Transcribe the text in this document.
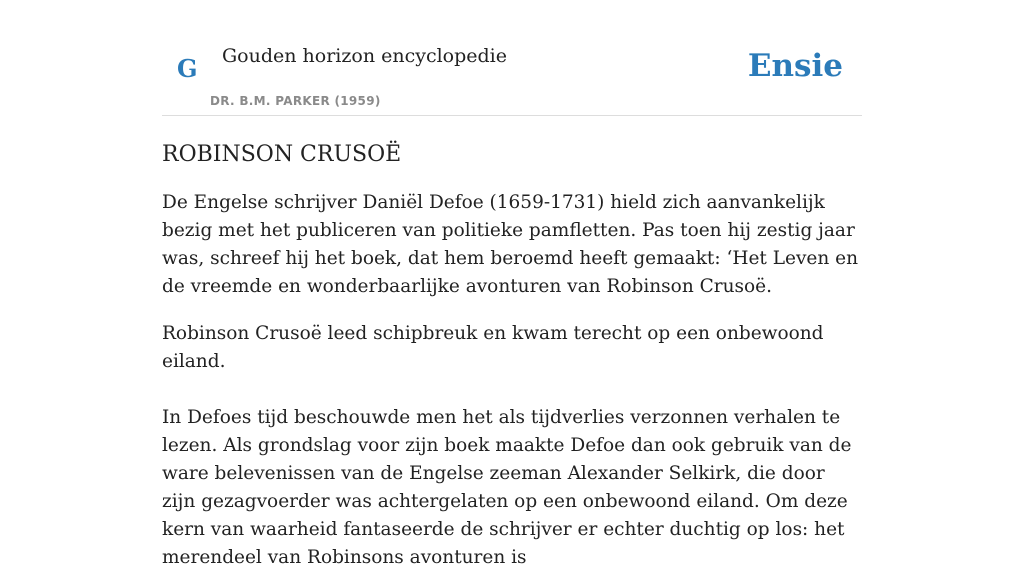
G Gouden horizon encyclopedie
DR. B.M. PARKER (1959)
Ensie
ROBINSON CRUSOË

De Engelse schrijver Daniël Defoe (1659-1731) hield zich aanvankelijk bezig met het publiceren van politieke pamfletten. Pas toen hij zestig jaar was, schreef hij het boek, dat hem beroemd heeft gemaakt: ‘Het Leven en de vreemde en wonderbaarlijke avonturen van Robinson Crusoë.

Robinson Crusoë leed schipbreuk en kwam terecht op een onbewoond eiland.

In Defoes tijd beschouwde men het als tijdverlies verzonnen verhalen te lezen. Als grondslag voor zijn boek maakte Defoe dan ook gebruik van de ware belevenissen van de Engelse zeeman Alexander Selkirk, die door zijn gezagvoerder was achtergelaten op een onbewoond eiland. Om deze kern van waarheid fantaseerde de schrijver er echter duchtig op los: het merendeel van Robinsons avonturen is
